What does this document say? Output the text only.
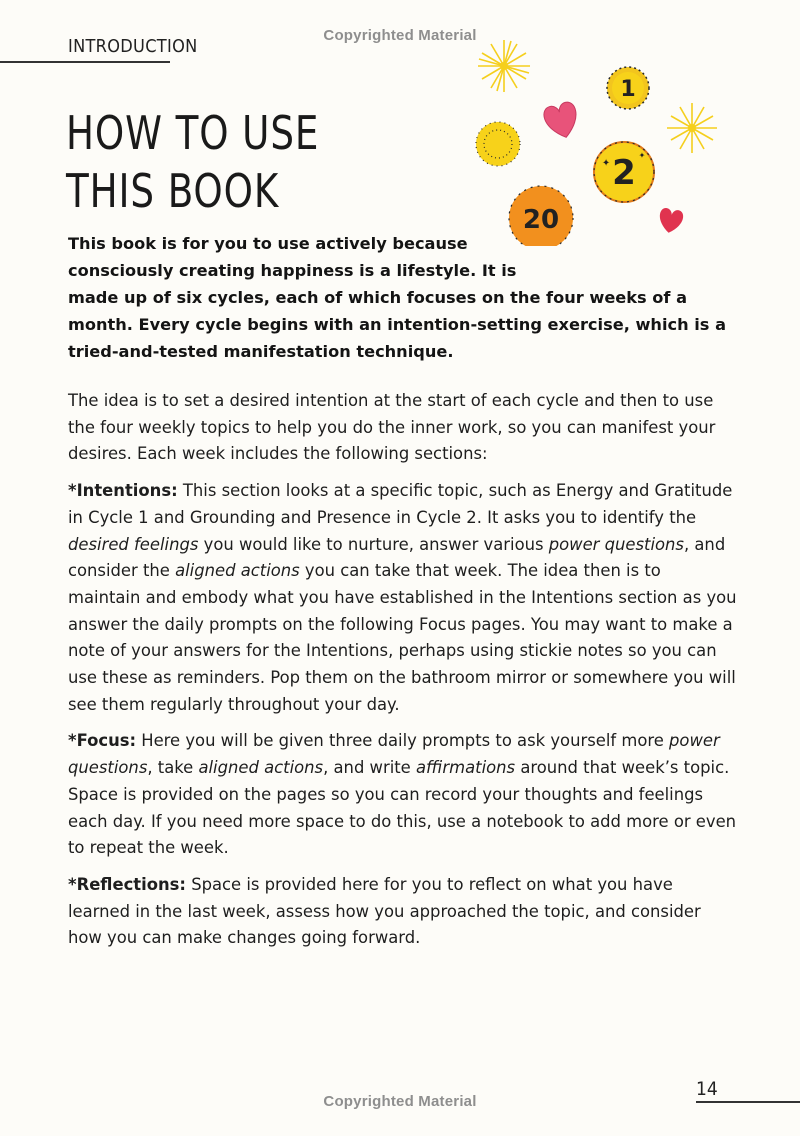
Copyrighted Material
INTRODUCTION
HOW TO USE
THIS BOOK
1
2
✦
✦
20
This book is for you to use actively because
consciously creating happiness is a lifestyle. It is
made up of six cycles, each of which focuses on the four weeks of a
month. Every cycle begins with an intention-setting exercise, which is a
tried-and-tested manifestation technique.

The idea is to set a desired intention at the start of each cycle and then to use the four weekly topics to help you do the inner work, so you can manifest your desires. Each week includes the following sections:

*Intentions: This section looks at a specific topic, such as Energy and Gratitude in Cycle 1 and Grounding and Presence in Cycle 2. It asks you to identify the desired feelings you would like to nurture, answer various power questions, and consider the aligned actions you can take that week. The idea then is to maintain and embody what you have established in the Intentions section as you answer the daily prompts on the following Focus pages. You may want to make a note of your answers for the Intentions, perhaps using stickie notes so you can use these as reminders. Pop them on the bathroom mirror or somewhere you will see them regularly throughout your day.

*Focus: Here you will be given three daily prompts to ask yourself more power questions, take aligned actions, and write affirmations around that week’s topic. Space is provided on the pages so you can record your thoughts and feelings each day. If you need more space to do this, use a notebook to add more or even to repeat the week.

*Reflections: Space is provided here for you to reflect on what you have learned in the last week, assess how you approached the topic, and consider how you can make changes going forward.

14
Copyrighted Material
